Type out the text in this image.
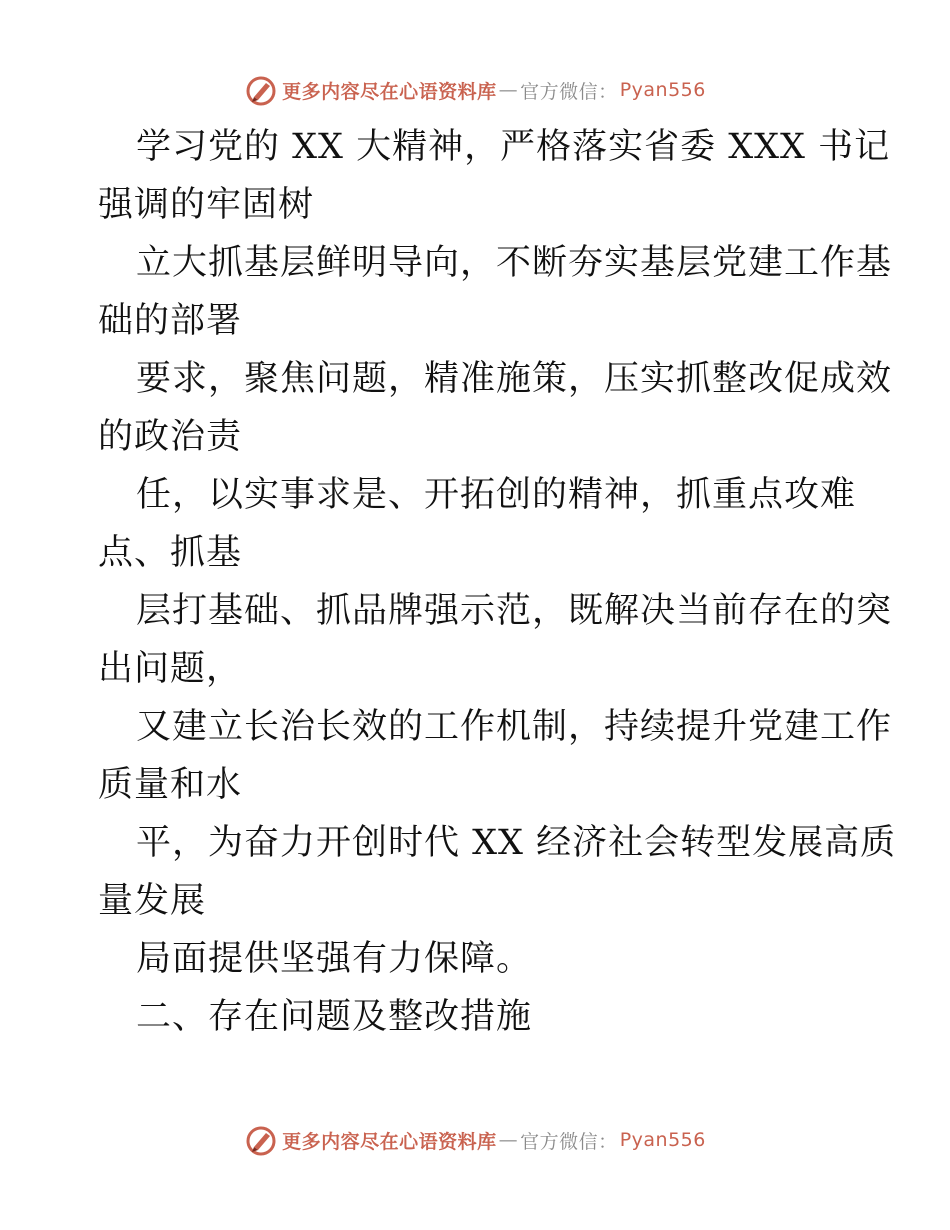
更多内容尽在心语资料库 — 官方微信： Pyan556
学习党的 XX 大精神，严格落实省委 XXX 书记
强调的牢固树
立大抓基层鲜明导向，不断夯实基层党建工作基
础的部署
要求，聚焦问题，精准施策，压实抓整改促成效
的政治责
任，以实事求是、开拓创的精神，抓重点攻难
点、抓基
层打基础、抓品牌强示范，既解决当前存在的突
出问题，
又建立长治长效的工作机制，持续提升党建工作
质量和水
平，为奋力开创时代 XX 经济社会转型发展高质
量发展
局面提供坚强有力保障。
二、存在问题及整改措施
更多内容尽在心语资料库 — 官方微信： Pyan556
